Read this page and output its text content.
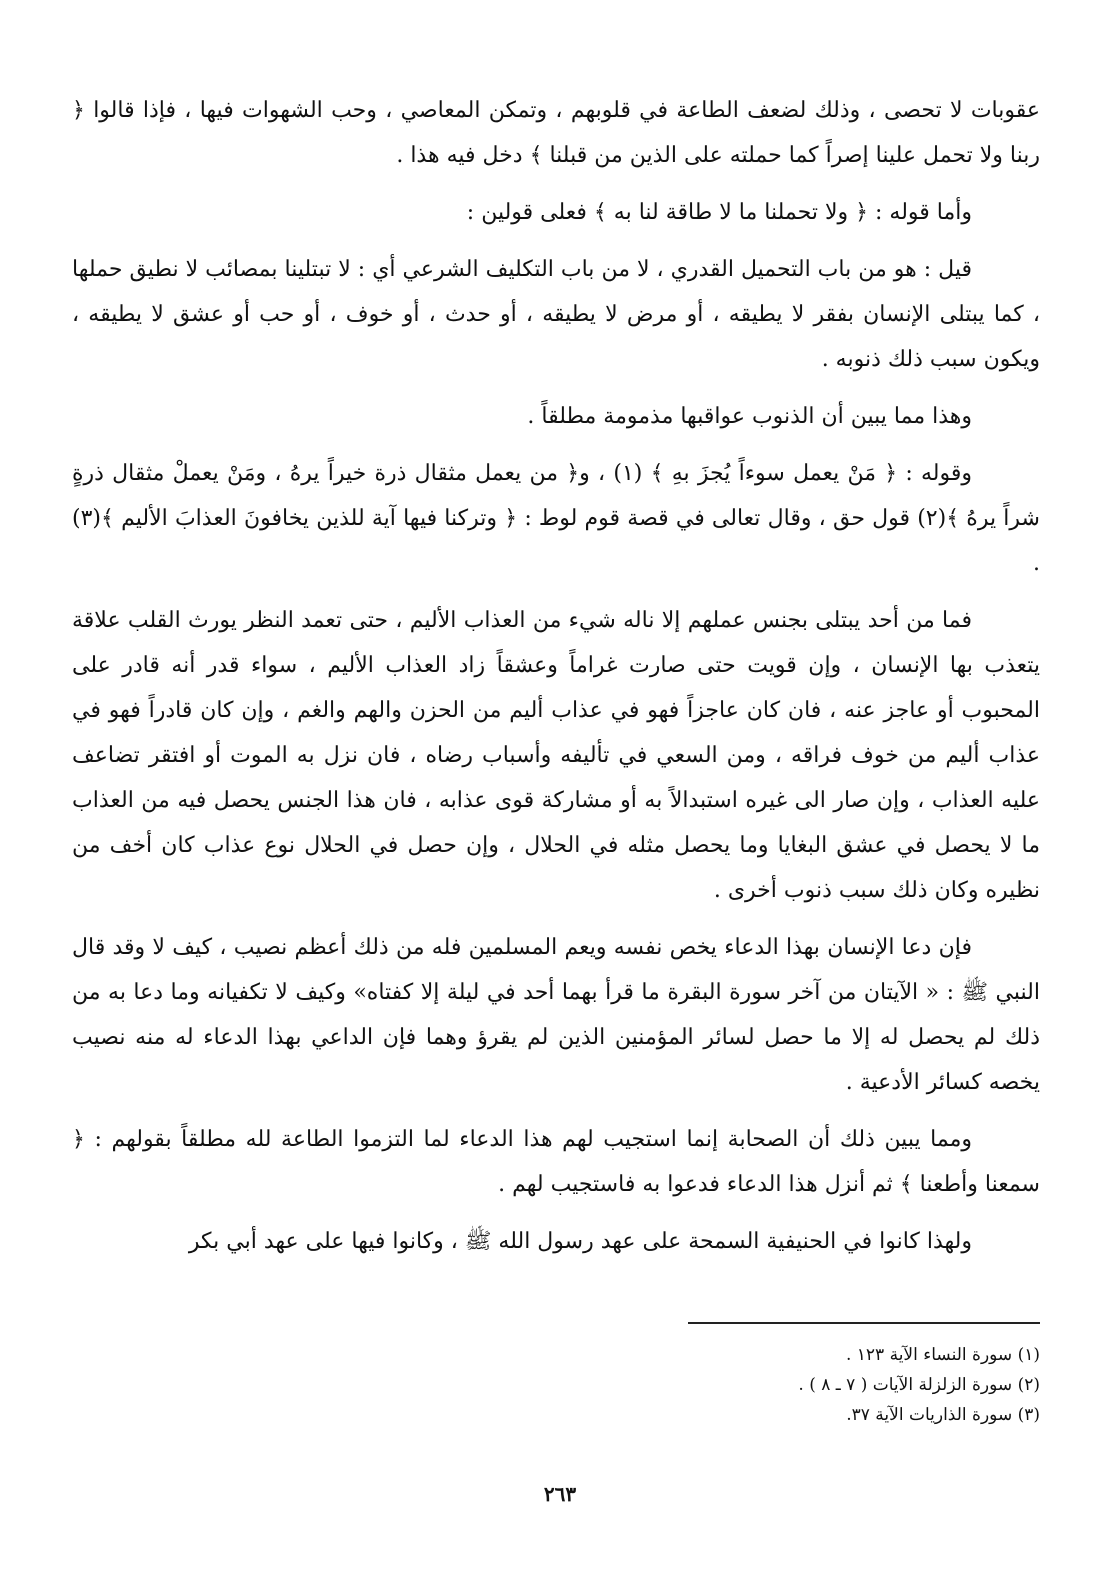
عقوبات لا تحصى ، وذلك لضعف الطاعة في قلوبهم ، وتمكن المعاصي ، وحب الشهوات فيها ، فإذا قالوا ﴿ ربنا ولا تحمل علينا إصراً كما حملته على الذين من قبلنا ﴾ دخل فيه هذا .

وأما قوله : ﴿ ولا تحملنا ما لا طاقة لنا به ﴾ فعلى قولين :

قيل : هو من باب التحميل القدري ، لا من باب التكليف الشرعي أي : لا تبتلينا بمصائب لا نطيق حملها ، كما يبتلى الإنسان بفقر لا يطيقه ، أو مرض لا يطيقه ، أو حدث ، أو خوف ، أو حب أو عشق لا يطيقه ، ويكون سبب ذلك ذنوبه .

وهذا مما يبين أن الذنوب عواقبها مذمومة مطلقاً .

وقوله : ﴿ مَنْ يعمل سوءاً يُجزَ بهِ ﴾ (١) ، و﴿ من يعمل مثقال ذرة خيراً يرهُ ، ومَنْ يعملْ مثقال ذرةٍ شراً يرهُ ﴾(٢) قول حق ، وقال تعالى في قصة قوم لوط : ﴿ وتركنا فيها آية للذين يخافونَ العذابَ الأليم ﴾(٣) .

فما من أحد يبتلى بجنس عملهم إلا ناله شيء من العذاب الأليم ، حتى تعمد النظر يورث القلب علاقة يتعذب بها الإنسان ، وإن قويت حتى صارت غراماً وعشقاً زاد العذاب الأليم ، سواء قدر أنه قادر على المحبوب أو عاجز عنه ، فان كان عاجزاً فهو في عذاب أليم من الحزن والهم والغم ، وإن كان قادراً فهو في عذاب أليم من خوف فراقه ، ومن السعي في تأليفه وأسباب رضاه ، فان نزل به الموت أو افتقر تضاعف عليه العذاب ، وإن صار الى غيره استبدالاً به أو مشاركة قوى عذابه ، فان هذا الجنس يحصل فيه من العذاب ما لا يحصل في عشق البغايا وما يحصل مثله في الحلال ، وإن حصل في الحلال نوع عذاب كان أخف من نظيره وكان ذلك سبب ذنوب أخرى .

فإن دعا الإنسان بهذا الدعاء يخص نفسه ويعم المسلمين فله من ذلك أعظم نصيب ، كيف لا وقد قال النبي ﷺ : « الآيتان من آخر سورة البقرة ما قرأ بهما أحد في ليلة إلا كفتاه» وكيف لا تكفيانه وما دعا به من ذلك لم يحصل له إلا ما حصل لسائر المؤمنين الذين لم يقرؤ وهما فإن الداعي بهذا الدعاء له منه نصيب يخصه كسائر الأدعية .

ومما يبين ذلك أن الصحابة إنما استجيب لهم هذا الدعاء لما التزموا الطاعة لله مطلقاً بقولهم : ﴿ سمعنا وأطعنا ﴾ ثم أنزل هذا الدعاء فدعوا به فاستجيب لهم .

ولهذا كانوا في الحنيفية السمحة على عهد رسول الله ﷺ ، وكانوا فيها على عهد أبي بكر

(١) سورة النساء الآية ١٢٣ .

(٢) سورة الزلزلة الآيات ( ٧ ـ ٨ ) .

(٣) سورة الذاريات الآية ٣٧.

٢٦٣
